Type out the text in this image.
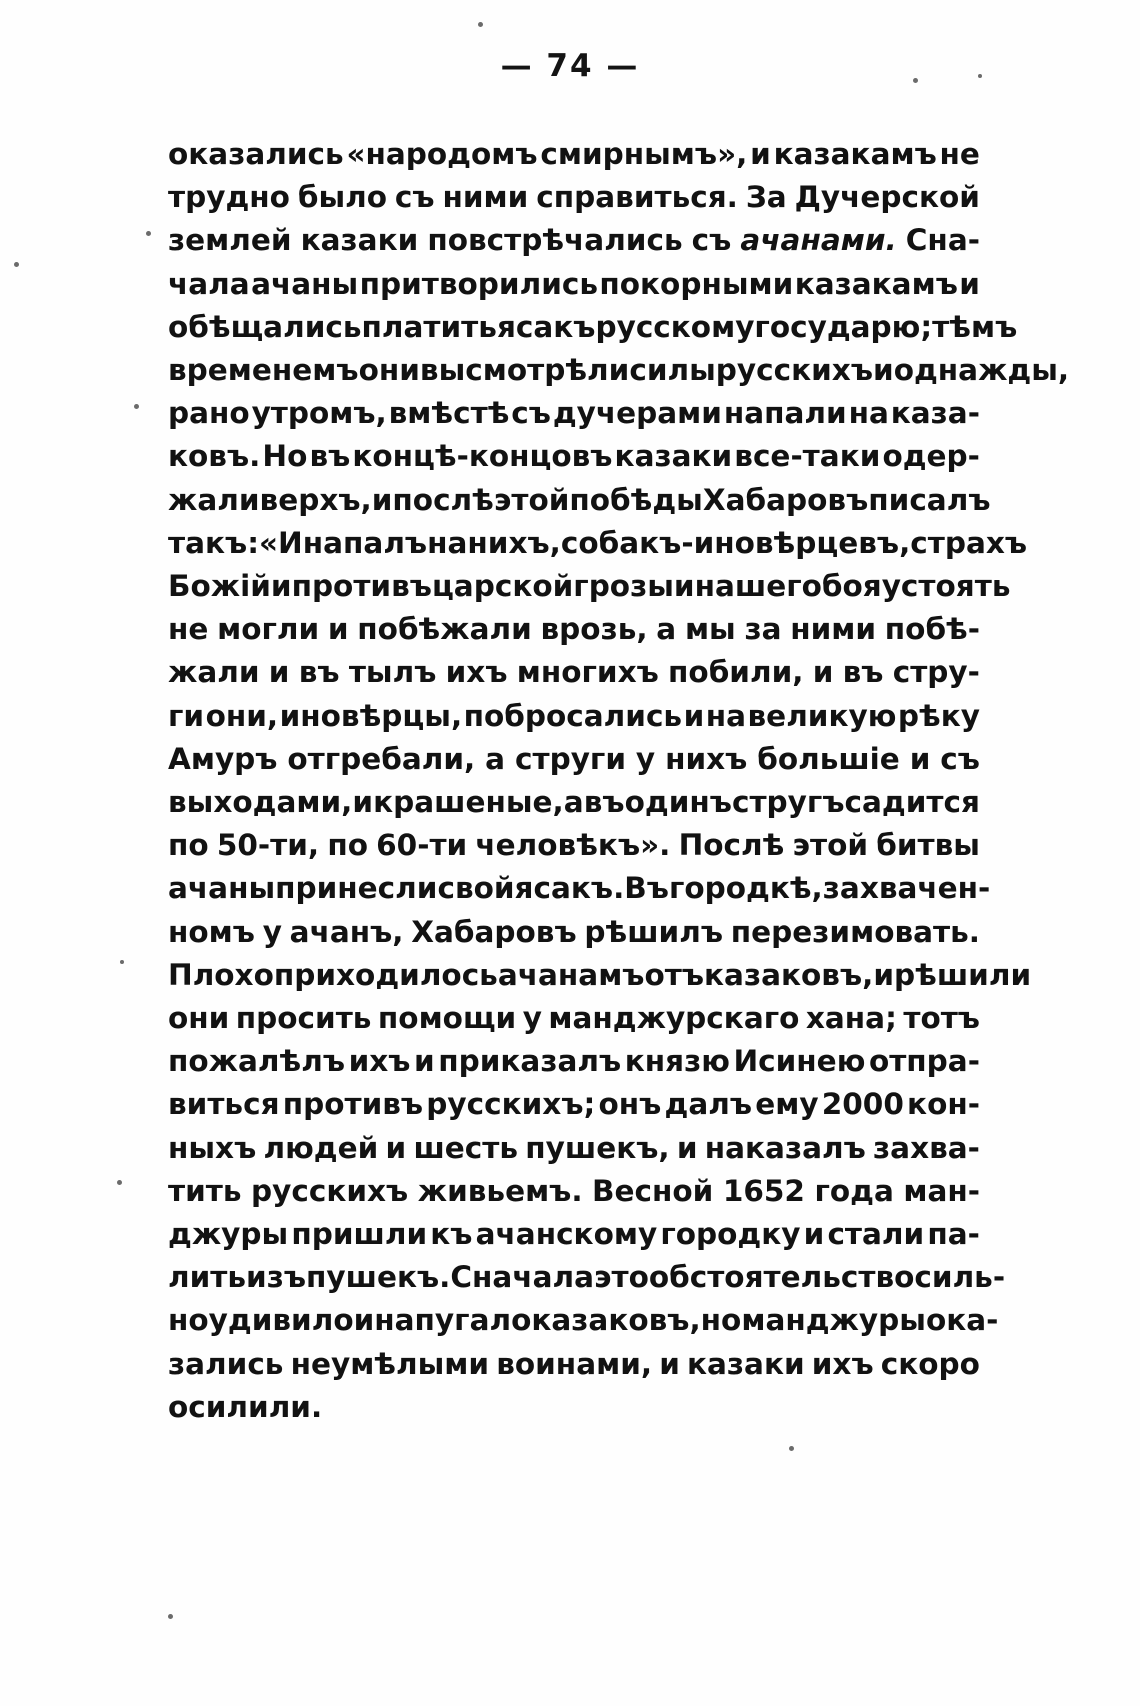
— 74 —

оказались «народомъ смирнымъ», и казакамъ не
трудно было съ ними справиться. За Дучерской
землей казаки повстрѣчались съ ачанами. Сна-
чала ачаны притворились покорными казакамъ и
обѣщались платить ясакъ русскому государю; тѣмъ
временемъ они высмотрѣли силы русскихъ и однажды,
рано утромъ, вмѣстѣ съ дучерами напали на каза-
ковъ. Но въ концѣ-концовъ казаки все-таки одер-
жали верхъ, и послѣ этой побѣды Хабаровъ писалъ
такъ: «И напалъ на нихъ, собакъ-иновѣрцевъ, страхъ
Божій и противъ царской грозы и нашего боя устоять
не могли и побѣжали врозь, а мы за ними побѣ-
жали и въ тылъ ихъ многихъ побили, и въ стру-
ги они, иновѣрцы, побросались и на великую рѣку
Амуръ отгребали, а струги у нихъ большіе и съ
выходами, и крашеные, а въ одинъ стругъ садится
по 50-ти, по 60-ти человѣкъ». Послѣ этой битвы
ачаны принесли свой ясакъ. Въ городкѣ, захвачен-
номъ у ачанъ, Хабаровъ рѣшилъ перезимовать.
Плохо приходилось ачанамъ отъ казаковъ, и рѣшили
они просить помощи у манджурскаго хана; тотъ
пожалѣлъ ихъ и приказалъ князю Исинею отпра-
виться противъ русскихъ; онъ далъ ему 2000 кон-
ныхъ людей и шесть пушекъ, и наказалъ захва-
тить русскихъ живьемъ. Весной 1652 года ман-
джуры пришли къ ачанскому городку и стали па-
лить изъ пушекъ. Сначала это обстоятельство силь-
но удивило и напугало казаковъ, но манджуры ока-
зались неумѣлыми воинами, и казаки ихъ скоро
осилили.
